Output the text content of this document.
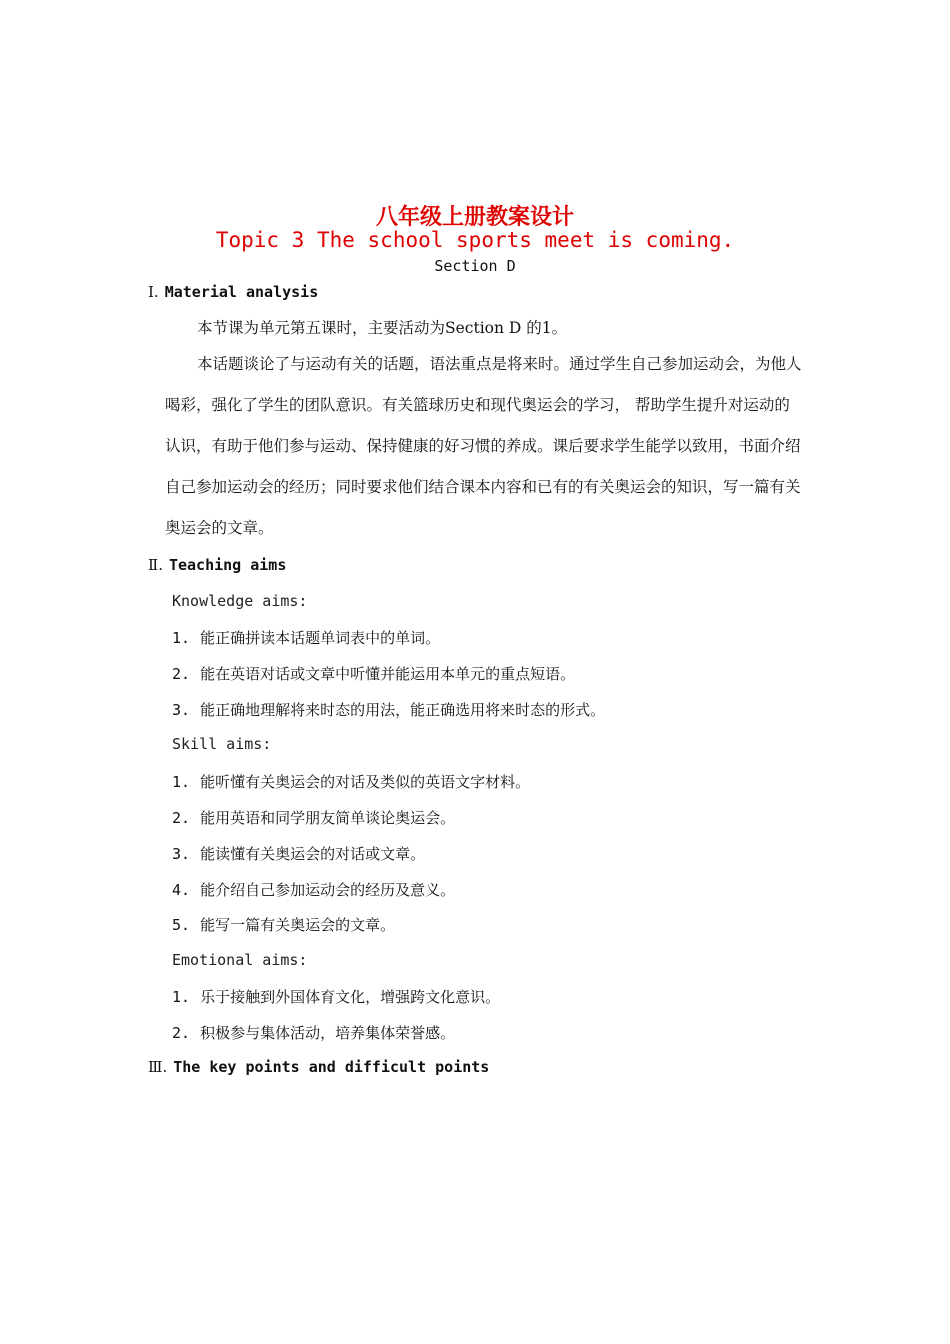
八年级上册教案设计
Topic 3 The school sports meet is coming.
Section D
Ⅰ. Material analysis
本节课为单元第五课时，主要活动为Section D 的1。
本话题谈论了与运动有关的话题，语法重点是将来时。通过学生自己参加运动会，为他人喝彩，强化了学生的团队意识。有关篮球历史和现代奥运会的学习， 帮助学生提升对运动的认识，有助于他们参与运动、保持健康的好习惯的养成。课后要求学生能学以致用，书面介绍自己参加运动会的经历；同时要求他们结合课本内容和已有的有关奥运会的知识，写一篇有关奥运会的文章。
Ⅱ. Teaching aims
Knowledge aims:
1. 能正确拼读本话题单词表中的单词。
2. 能在英语对话或文章中听懂并能运用本单元的重点短语。
3. 能正确地理解将来时态的用法，能正确选用将来时态的形式。
Skill aims:
1. 能听懂有关奥运会的对话及类似的英语文字材料。
2. 能用英语和同学朋友简单谈论奥运会。
3. 能读懂有关奥运会的对话或文章。
4. 能介绍自己参加运动会的经历及意义。
5. 能写一篇有关奥运会的文章。
Emotional aims:
1. 乐于接触到外国体育文化，增强跨文化意识。
2. 积极参与集体活动，培养集体荣誉感。
Ⅲ. The key points and difficult points
